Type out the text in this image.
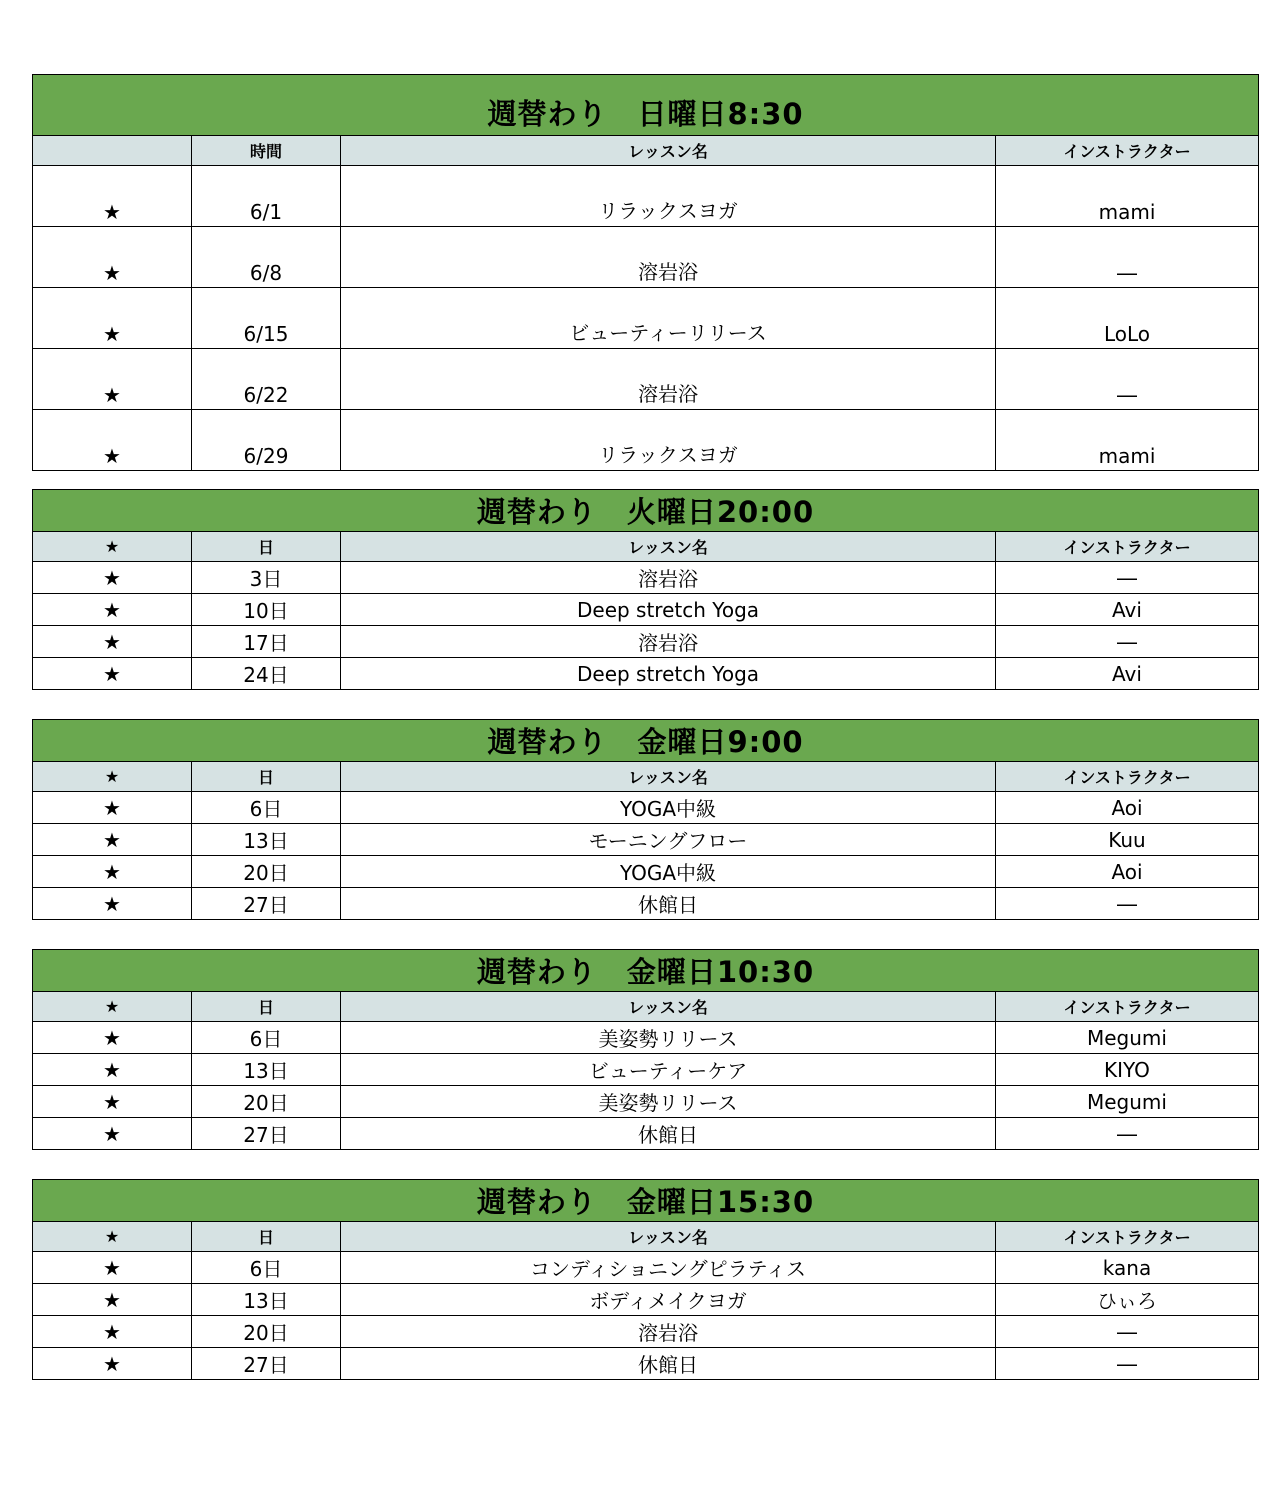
週替わり　日曜日8:30			
	時間	レッスン名	インストラクター
★	6/1	リラックスヨガ	mami
★	6/8	溶岩浴	―
★	6/15	ビューティーリリース	LoLo
★	6/22	溶岩浴	―
★	6/29	リラックスヨガ	mami
週替わり　火曜日20:00			
★	日	レッスン名	インストラクター
★	3日	溶岩浴	―
★	10日	Deep stretch Yoga	Avi
★	17日	溶岩浴	―
★	24日	Deep stretch Yoga	Avi
週替わり　金曜日9:00			
★	日	レッスン名	インストラクター
★	6日	YOGA中級	Aoi
★	13日	モーニングフロー	Kuu
★	20日	YOGA中級	Aoi
★	27日	休館日	―
週替わり　金曜日10:30			
★	日	レッスン名	インストラクター
★	6日	美姿勢リリース	Megumi
★	13日	ビューティーケア	KIYO
★	20日	美姿勢リリース	Megumi
★	27日	休館日	―
週替わり　金曜日15:30			
★	日	レッスン名	インストラクター
★	6日	コンディショニングピラティス	kana
★	13日	ボディメイクヨガ	ひぃろ
★	20日	溶岩浴	―
★	27日	休館日	―
